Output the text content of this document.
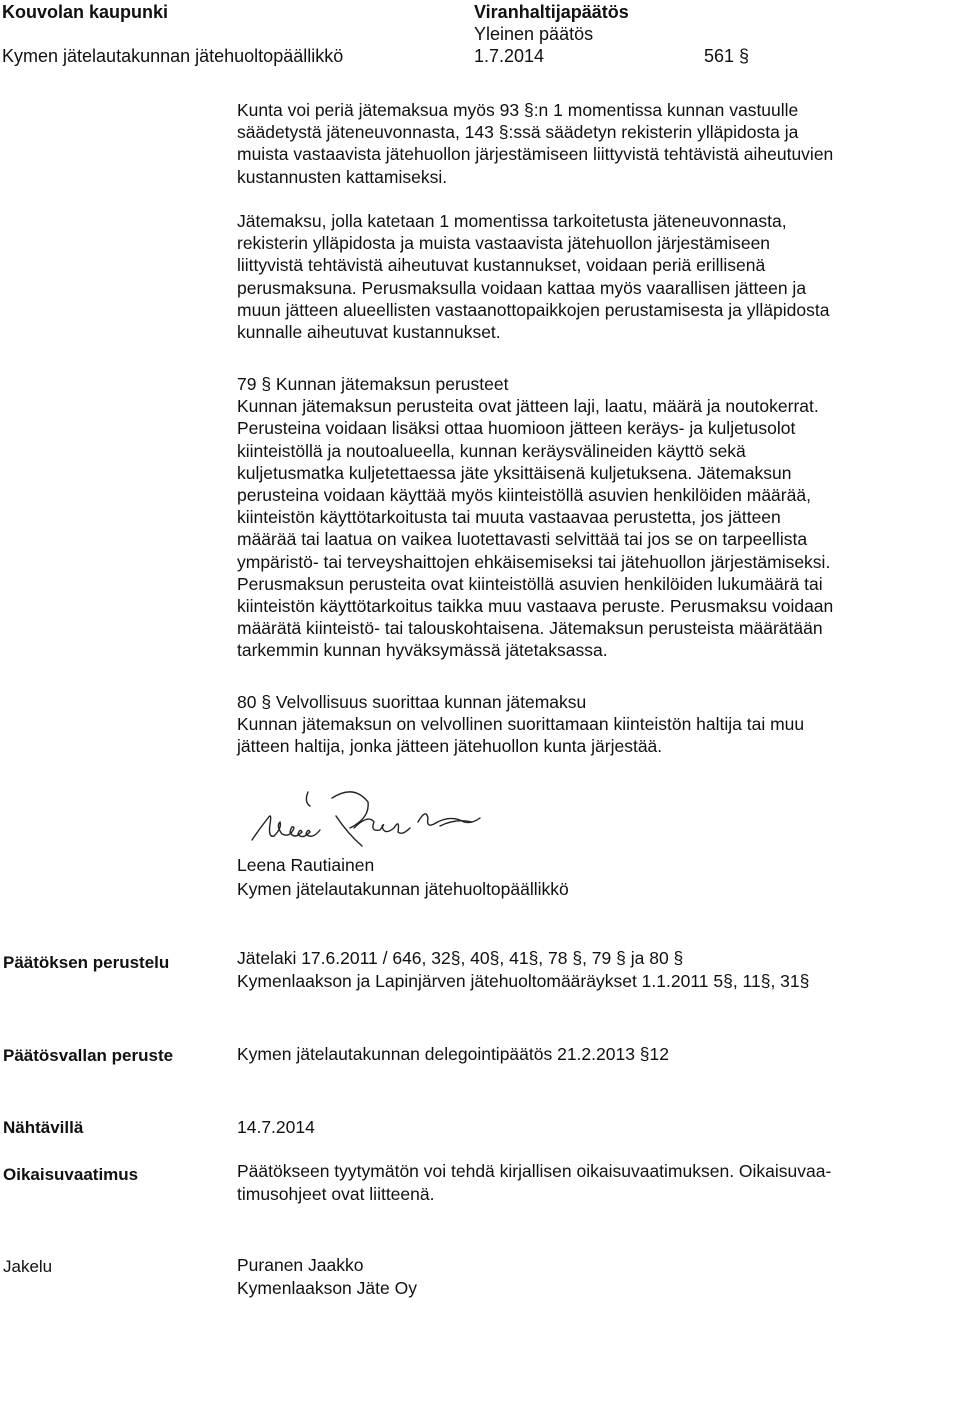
Kouvolan kaupunki	Viranhaltijapäätös
Yleinen päätös
Kymen jätelautakunnan jätehuoltopäällikkö	1.7.2014	561 §
Kunta voi periä jätemaksua myös 93 §:n 1 momentissa kunnan vastuulle
säädetystä jäteneuvonnasta, 143 §:ssä säädetyn rekisterin ylläpidosta ja
muista vastaavista jätehuollon järjestämiseen liittyvistä tehtävistä aiheutuvien
kustannusten kattamiseksi.
Jätemaksu, jolla katetaan 1 momentissa tarkoitetusta jäteneuvonnasta,
rekisterin ylläpidosta ja muista vastaavista jätehuollon järjestämiseen
liittyvistä tehtävistä aiheutuvat kustannukset, voidaan periä erillisenä
perusmaksuna. Perusmaksulla voidaan kattaa myös vaarallisen jätteen ja
muun jätteen alueellisten vastaanottopaikkojen perustamisesta ja ylläpidosta
kunnalle aiheutuvat kustannukset.
79 § Kunnan jätemaksun perusteet
Kunnan jätemaksun perusteita ovat jätteen laji, laatu, määrä ja noutokerrat.
Perusteina voidaan lisäksi ottaa huomioon jätteen keräys- ja kuljetusolot
kiinteistöllä ja noutoalueella, kunnan keräysvälineiden käyttö sekä
kuljetusmatka kuljetettaessa jäte yksittäisenä kuljetuksena. Jätemaksun
perusteina voidaan käyttää myös kiinteistöllä asuvien henkilöiden määrää,
kiinteistön käyttötarkoitusta tai muuta vastaavaa perustetta, jos jätteen
määrää tai laatua on vaikea luotettavasti selvittää tai jos se on tarpeellista
ympäristö- tai terveyshaittojen ehkäisemiseksi tai jätehuollon järjestämiseksi.
Perusmaksun perusteita ovat kiinteistöllä asuvien henkilöiden lukumäärä tai
kiinteistön käyttötarkoitus taikka muu vastaava peruste. Perusmaksu voidaan
määrätä kiinteistö- tai talouskohtaisena. Jätemaksun perusteista määrätään
tarkemmin kunnan hyväksymässä jätetaksassa.
80 § Velvollisuus suorittaa kunnan jätemaksu
Kunnan jätemaksun on velvollinen suorittamaan kiinteistön haltija tai muu
jätteen haltija, jonka jätteen jätehuollon kunta järjestää.
Leena Rautiainen
Kymen jätelautakunnan jätehuoltopäällikkö
Päätöksen perustelu	Jätelaki 17.6.2011 / 646, 32§, 40§, 41§, 78 §, 79 § ja 80 §
Kymenlaakson ja Lapinjärven jätehuoltomääräykset 1.1.2011 5§, 11§, 31§
Päätösvallan peruste	Kymen jätelautakunnan delegointipäätös 21.2.2013 §12
Nähtävillä	14.7.2014
Oikaisuvaatimus	Päätökseen tyytymätön voi tehdä kirjallisen oikaisuvaatimuksen. Oikaisuvaa-
timusohjeet ovat liitteenä.
Jakelu	Puranen Jaakko
Kymenlaakson Jäte Oy
